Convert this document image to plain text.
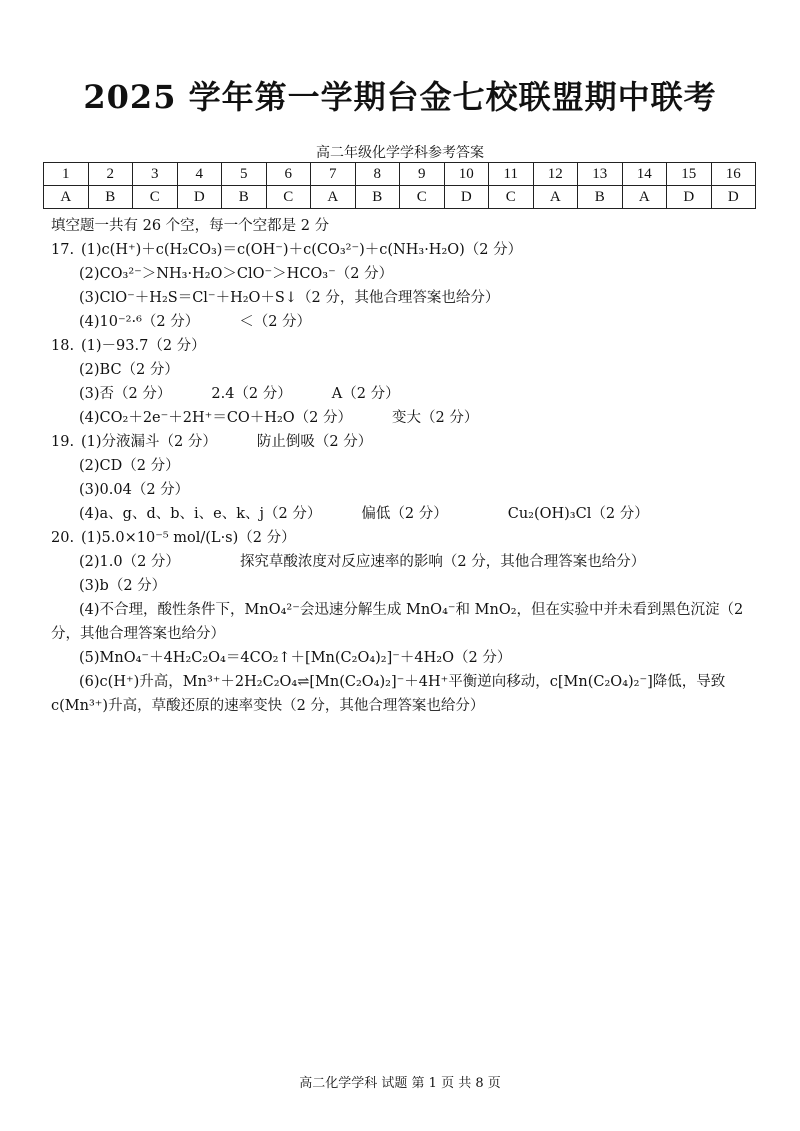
2025 学年第一学期台金七校联盟期中联考
高二年级化学学科参考答案
1	2	3	4	5	6	7	8	9	10	11	12	13	14	15	16
A	B	C	D	B	C	A	B	C	D	C	A	B	A	D	D
填空题一共有 26 个空，每一个空都是 2 分
17. (1)c(H⁺)＋c(H₂CO₃)＝c(OH⁻)＋c(CO₃²⁻)＋c(NH₃·H₂O)（2 分）
(2)CO₃²⁻＞NH₃·H₂O＞ClO⁻＞HCO₃⁻（2 分）
(3)ClO⁻＋H₂S＝Cl⁻＋H₂O＋S↓（2 分，其他合理答案也给分）
(4)10⁻²·⁶（2 分）	＜（2 分）
18. (1)－93.7（2 分）
(2)BC（2 分）
(3)否（2 分）	2.4（2 分）	A（2 分）
(4)CO₂＋2e⁻＋2H⁺＝CO＋H₂O（2 分）	变大（2 分）
19. (1)分液漏斗（2 分）	防止倒吸（2 分）
(2)CD（2 分）
(3)0.04（2 分）
(4)a、g、d、b、i、e、k、j（2 分）	偏低（2 分）	Cu₂(OH)₃Cl（2 分）
20. (1)5.0×10⁻⁵ mol/(L·s)（2 分）
(2)1.0（2 分）	探究草酸浓度对反应速率的影响（2 分，其他合理答案也给分）
(3)b（2 分）
(4)不合理，酸性条件下，MnO₄²⁻会迅速分解生成 MnO₄⁻和 MnO₂，但在实验中并未看到黑色沉淀（2 分，其他合理答案也给分）
(5)MnO₄⁻＋4H₂C₂O₄＝4CO₂↑＋[Mn(C₂O₄)₂]⁻＋4H₂O（2 分）
(6)c(H⁺)升高，Mn³⁺＋2H₂C₂O₄⇌[Mn(C₂O₄)₂]⁻＋4H⁺平衡逆向移动，c[Mn(C₂O₄)₂⁻]降低，导致 c(Mn³⁺)升高，草酸还原的速率变快（2 分，其他合理答案也给分）
高二化学学科 试题 第 1 页 共 8 页
